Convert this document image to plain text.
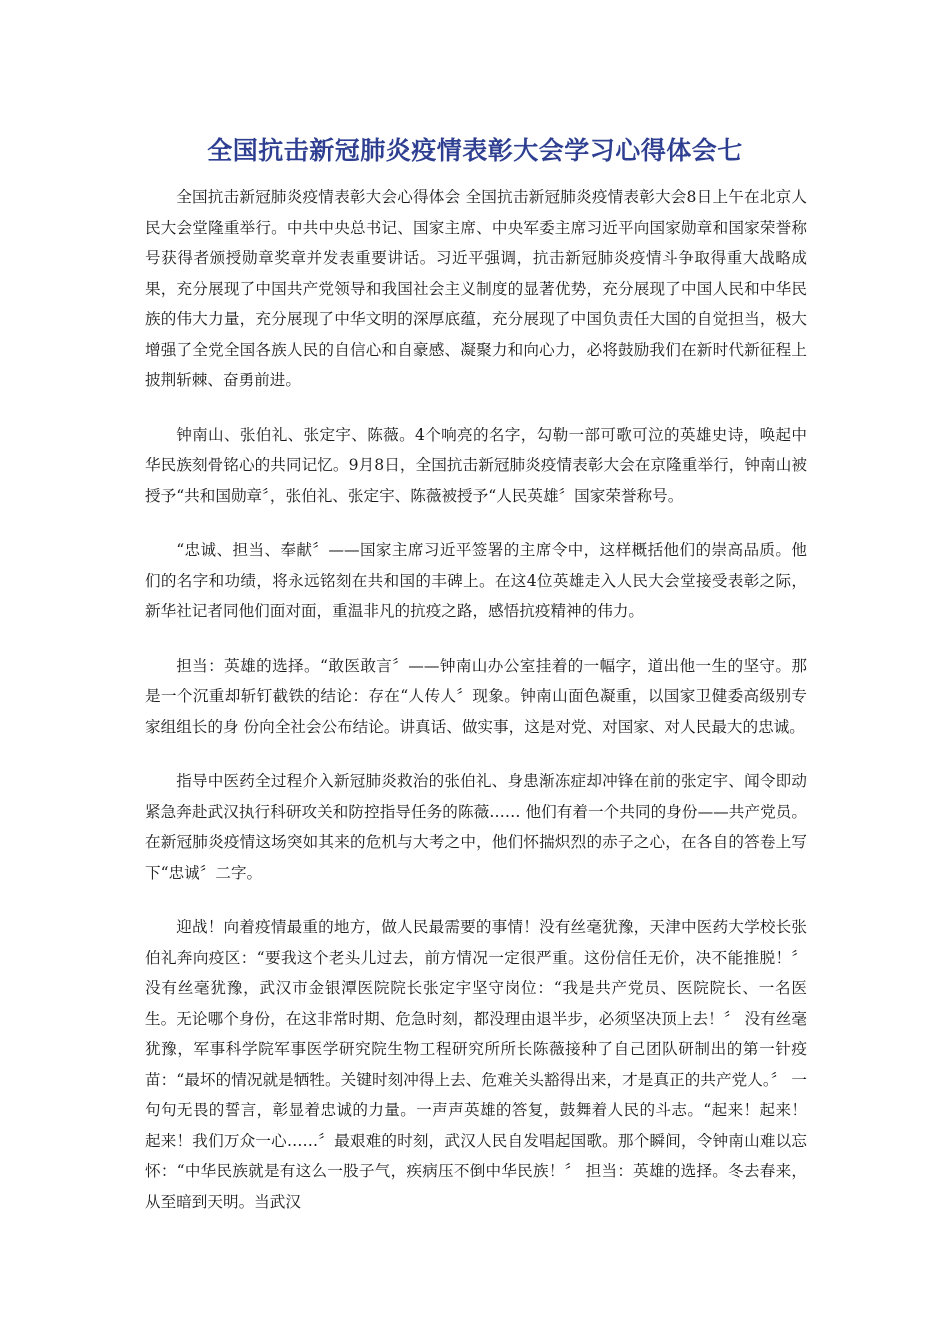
全国抗击新冠肺炎疫情表彰大会学习心得体会七

全国抗击新冠肺炎疫情表彰大会心得体会 全国抗击新冠肺炎疫情表彰大会8日上午在北京人民大会堂隆重举行。中共中央总书记、国家主席、中央军委主席习近平向国家勋章和国家荣誉称号获得者颁授勋章奖章并发表重要讲话。习近平强调，抗击新冠肺炎疫情斗争取得重大战略成果，充分展现了中国共产党领导和我国社会主义制度的显著优势，充分展现了中国人民和中华民族的伟大力量，充分展现了中华文明的深厚底蕴，充分展现了中国负责任大国的自觉担当，极大增强了全党全国各族人民的自信心和自豪感、凝聚力和向心力，必将鼓励我们在新时代新征程上披荆斩棘、奋勇前进。

钟南山、张伯礼、张定宇、陈薇。4个响亮的名字，勾勒一部可歌可泣的英雄史诗，唤起中华民族刻骨铭心的共同记忆。9月8日，全国抗击新冠肺炎疫情表彰大会在京隆重举行，钟南山被授予“共和国勋章〞，张伯礼、张定宇、陈薇被授予“人民英雄〞国家荣誉称号。

“忠诚、担当、奉献〞——国家主席习近平签署的主席令中，这样概括他们的崇高品质。他们的名字和功绩，将永远铭刻在共和国的丰碑上。在这4位英雄走入人民大会堂接受表彰之际，新华社记者同他们面对面，重温非凡的抗疫之路，感悟抗疫精神的伟力。

担当：英雄的选择。“敢医敢言〞——钟南山办公室挂着的一幅字，道出他一生的坚守。那是一个沉重却斩钉截铁的结论：存在“人传人〞现象。钟南山面色凝重，以国家卫健委高级别专家组组长的身 份向全社会公布结论。讲真话、做实事，这是对党、对国家、对人民最大的忠诚。

指导中医药全过程介入新冠肺炎救治的张伯礼、身患渐冻症却冲锋在前的张定宇、闻令即动紧急奔赴武汉执行科研攻关和防控指导任务的陈薇…… 他们有着一个共同的身份——共产党员。在新冠肺炎疫情这场突如其来的危机与大考之中，他们怀揣炽烈的赤子之心，在各自的答卷上写下“忠诚〞二字。

迎战！向着疫情最重的地方，做人民最需要的事情！没有丝毫犹豫，天津中医药大学校长张伯礼奔向疫区：“要我这个老头儿过去，前方情况一定很严重。这份信任无价，决不能推脱！〞 没有丝毫犹豫，武汉市金银潭医院院长张定宇坚守岗位：“我是共产党员、医院院长、一名医生。无论哪个身份，在这非常时期、危急时刻，都没理由退半步，必须坚决顶上去！〞 没有丝毫犹豫，军事科学院军事医学研究院生物工程研究所所长陈薇接种了自己团队研制出的第一针疫苗：“最坏的情况就是牺牲。关键时刻冲得上去、危难关头豁得出来，才是真正的共产党人。〞 一句句无畏的誓言，彰显着忠诚的力量。一声声英雄的答复，鼓舞着人民的斗志。“起来！起来！起来！我们万众一心……〞最艰难的时刻，武汉人民自发唱起国歌。那个瞬间，令钟南山难以忘怀：“中华民族就是有这么一股子气，疾病压不倒中华民族！〞 担当：英雄的选择。冬去春来，从至暗到天明。当武汉
